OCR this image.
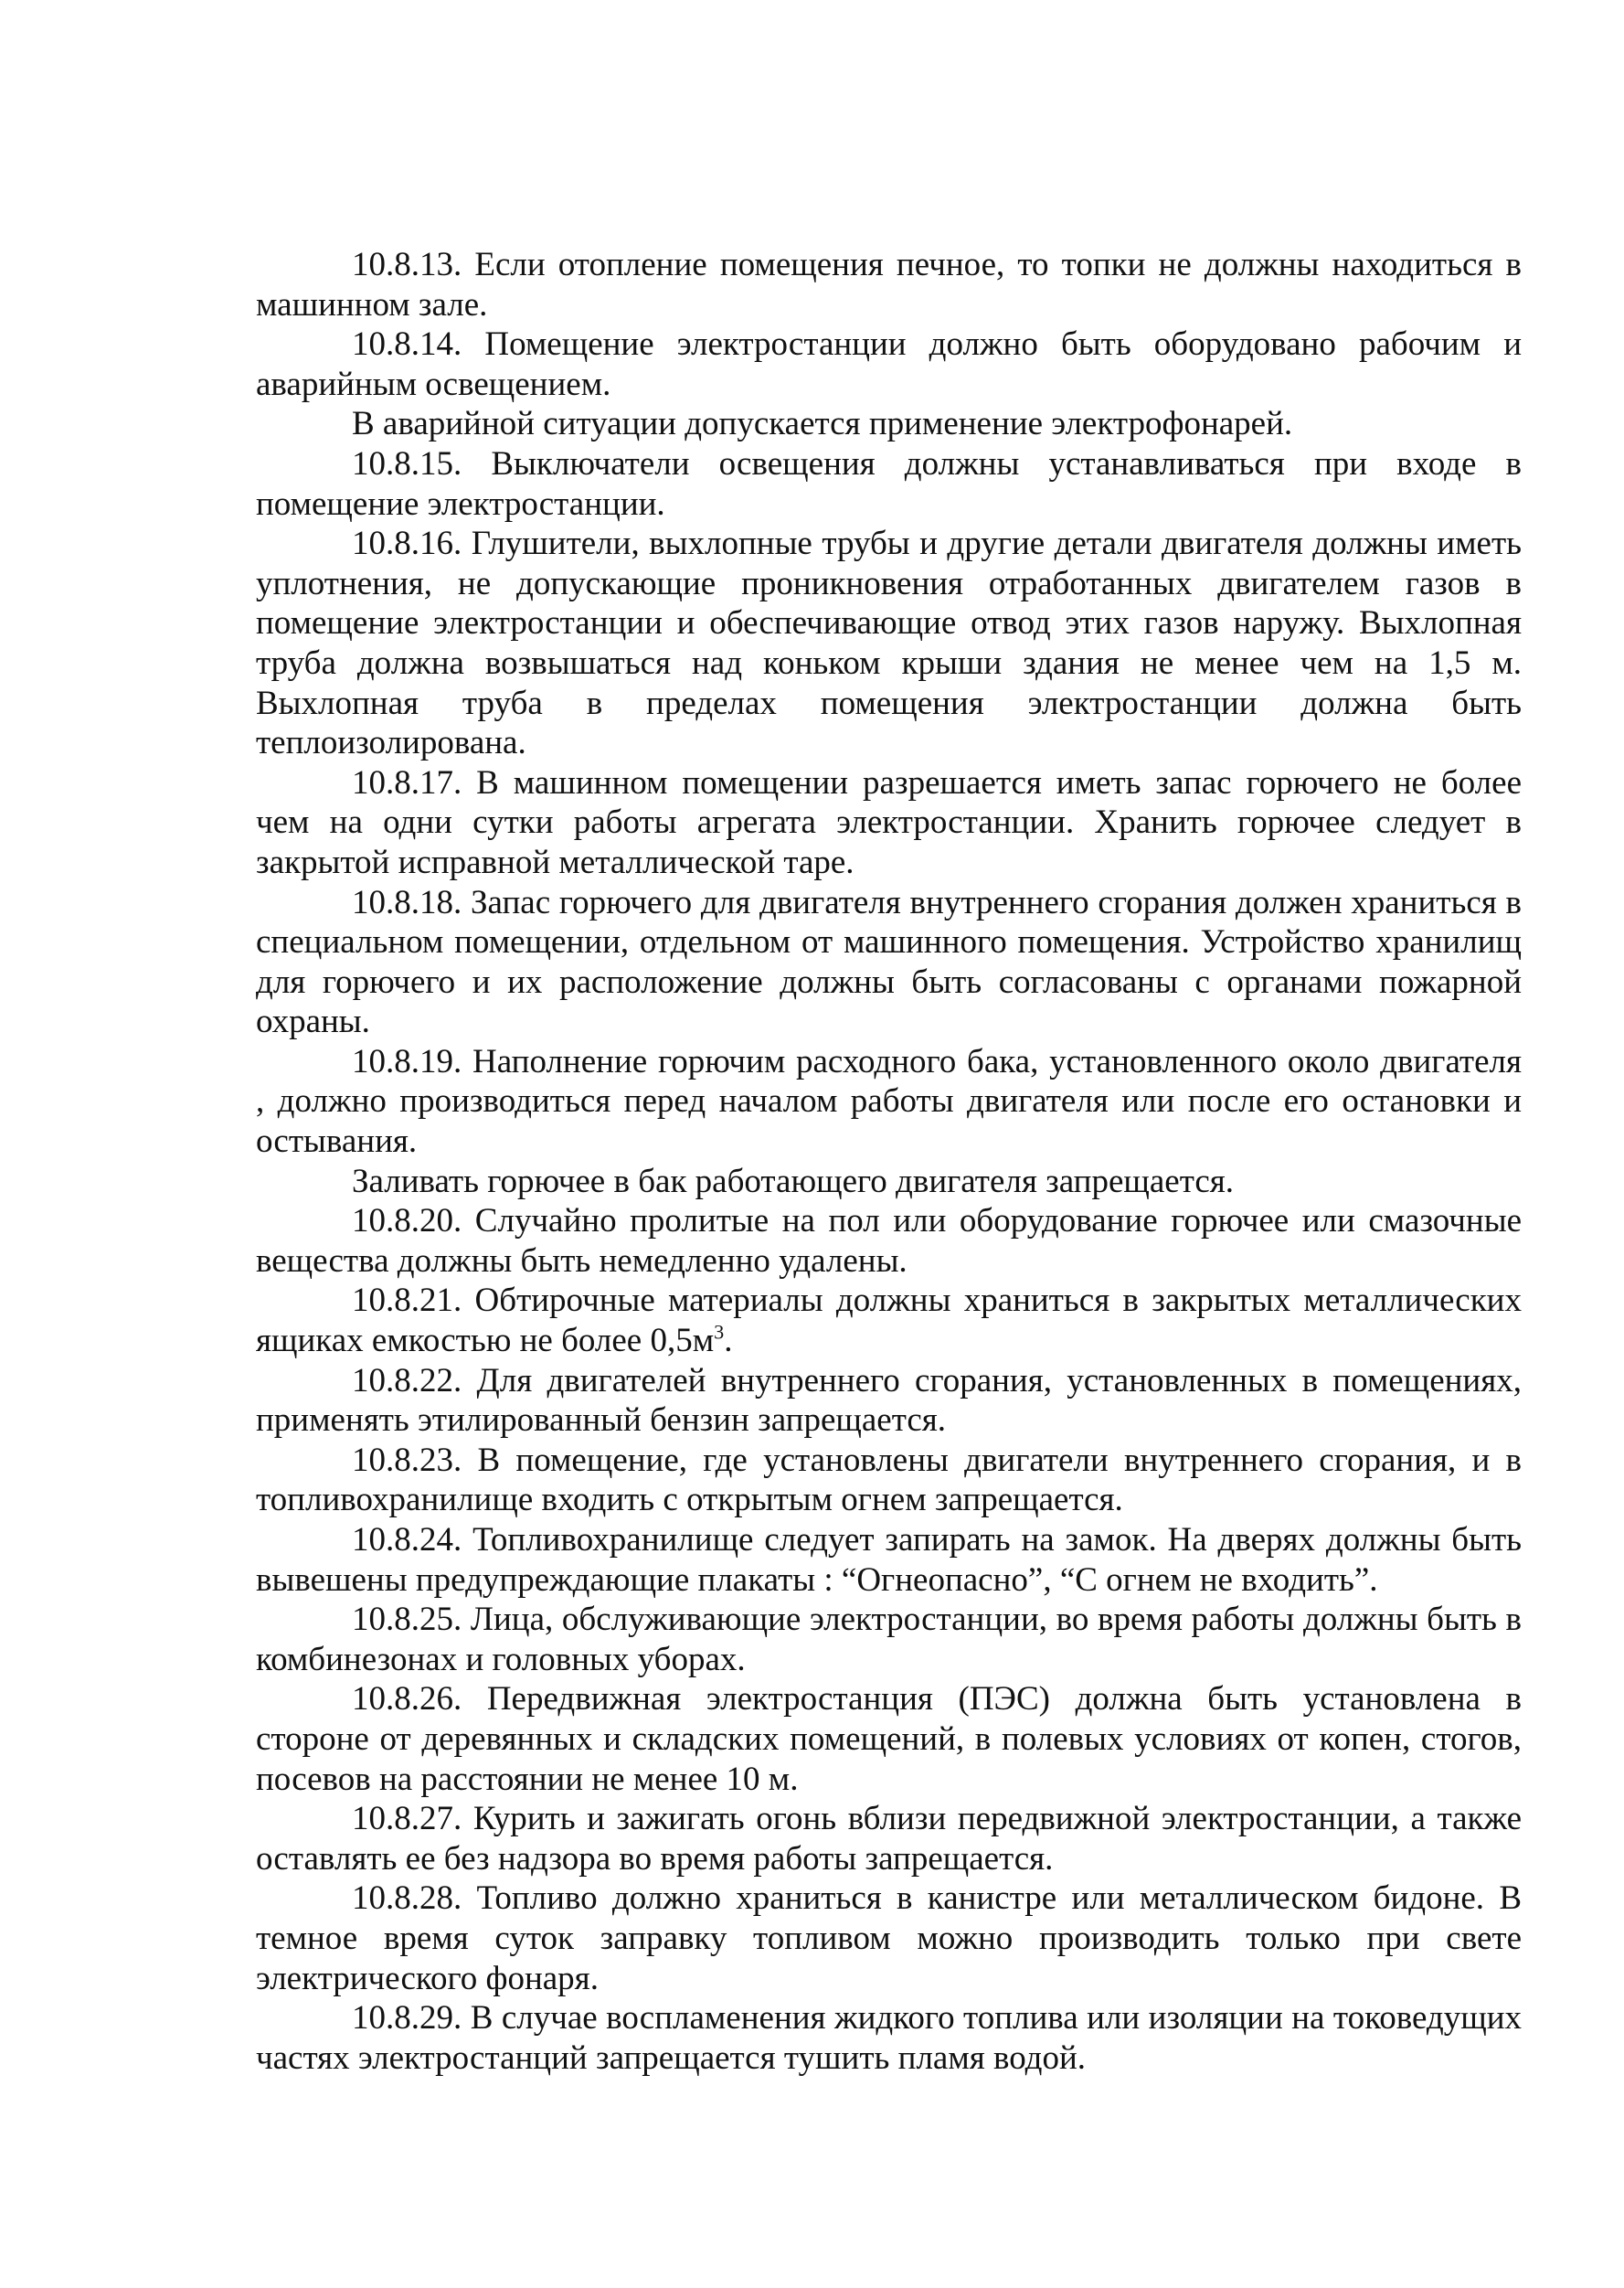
10.8.13. Если отопление помещения печное, то топки не должны находиться в машинном зале.

10.8.14. Помещение электростанции должно быть оборудовано рабочим и аварийным освещением.

В аварийной ситуации допускается применение электрофонарей.

10.8.15. Выключатели освещения должны устанавливаться при входе в помещение электростанции.

10.8.16. Глушители, выхлопные трубы и другие детали двигателя должны иметь уплотнения, не допускающие проникновения отработанных двигателем газов в помещение электростанции и обеспечивающие отвод этих газов наружу. Выхлопная труба должна возвышаться над коньком крыши здания не менее чем на 1,5 м. Выхлопная труба в пределах помещения электростанции должна быть теплоизолирована.

10.8.17. В машинном помещении разрешается иметь запас горючего не более чем на одни сутки работы агрегата электростанции. Хранить горючее следует в закрытой исправной металлической таре.

10.8.18. Запас горючего для двигателя внутреннего сгорания должен храниться в специальном помещении, отдельном от машинного помещения. Устройство хранилищ для горючего и их расположение должны быть согласованы с органами пожарной охраны.

10.8.19. Наполнение горючим расходного бака, установленного около двигателя , должно производиться перед началом работы двигателя или после его остановки и остывания.

Заливать горючее в бак работающего двигателя запрещается.

10.8.20. Случайно пролитые на пол или оборудование горючее или смазочные вещества должны быть немедленно удалены.

10.8.21. Обтирочные материалы должны храниться в закрытых металлических ящиках емкостью не более $0,5м^3$.

10.8.22. Для двигателей внутреннего сгорания, установленных в помещениях, применять этилированный бензин запрещается.

10.8.23. В помещение, где установлены двигатели внутреннего сгорания, и в топливохранилище входить с открытым огнем запрещается.

10.8.24. Топливохранилище следует запирать на замок. На дверях должны быть вывешены предупреждающие плакаты : “Огнеопасно”, “С огнем не входить”.

10.8.25. Лица, обслуживающие электростанции, во время работы должны быть в комбинезонах и головных уборах.

10.8.26. Передвижная электростанция (ПЭС) должна быть установлена в стороне от деревянных и складских помещений, в полевых условиях от копен, стогов, посевов на расстоянии не менее 10 м.

10.8.27. Курить и зажигать огонь вблизи передвижной электростанции, а также оставлять ее без надзора во время работы запрещается.

10.8.28. Топливо должно храниться в канистре или металлическом бидоне. В темное время суток заправку топливом можно производить только при свете электрического фонаря.

10.8.29. В случае воспламенения жидкого топлива или изоляции на токоведущих частях электростанций запрещается тушить пламя водой.
